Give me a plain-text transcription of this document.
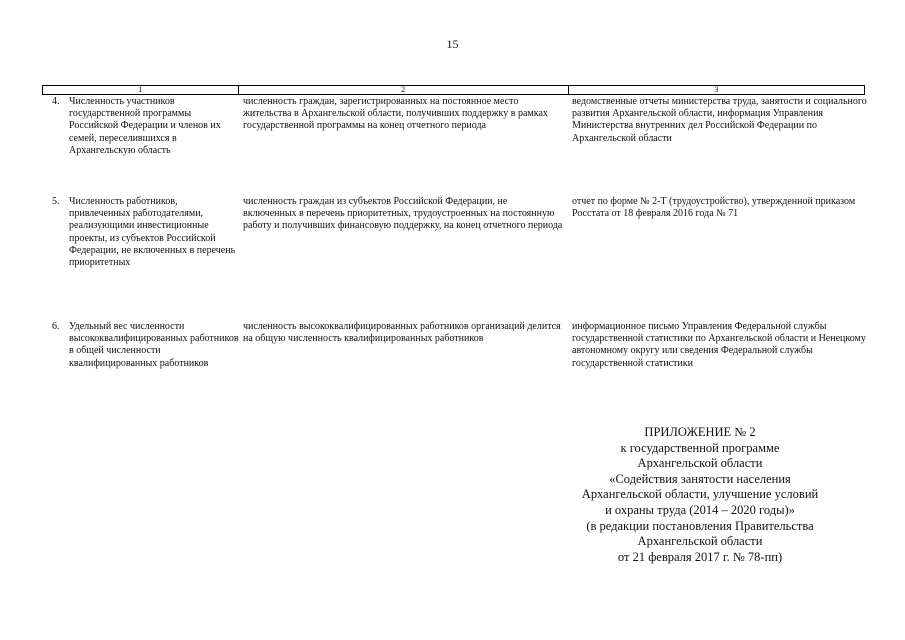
15
1	2	3
4. Численность участников государственной программы Российской Федерации и членов их семей, переселившихся в Архангельскую область
численность граждан, зарегистрированных на постоянное место жительства в Архангельской области, получивших поддержку в рамках государственной программы на конец отчетного периода
ведомственные отчеты министерства труда, занятости и социального развития Архангельской области, информация Управления Министерства внутренних дел Российской Федерации по Архангельской области
5. Численность работников, привлеченных работодателями, реализующими инвестиционные проекты, из субъектов Российской Федерации, не включенных в перечень приоритетных
численность граждан из субъектов Российской Федерации, не включенных в перечень приоритетных, трудоустроенных на постоянную работу и получивших финансовую поддержку, на конец отчетного периода
отчет по форме № 2-Т (трудоустройство), утвержденной приказом Росстата от 18 февраля 2016 года № 71
6. Удельный вес численности высококвалифицированных работников в общей численности квалифицированных работников
численность высококвалифицированных работников организаций делится на общую численность квалифицированных работников
информационное письмо Управления Федеральной службы государственной статистики по Архангельской области и Ненецкому автономному округу или сведения Федеральной службы государственной статистики
ПРИЛОЖЕНИЕ № 2
к государственной программе
Архангельской области
«Содействия занятости населения
Архангельской области, улучшение условий
и охраны труда (2014 – 2020 годы)»
(в редакции постановления Правительства
Архангельской области
от 21 февраля 2017 г. № 78-пп)
